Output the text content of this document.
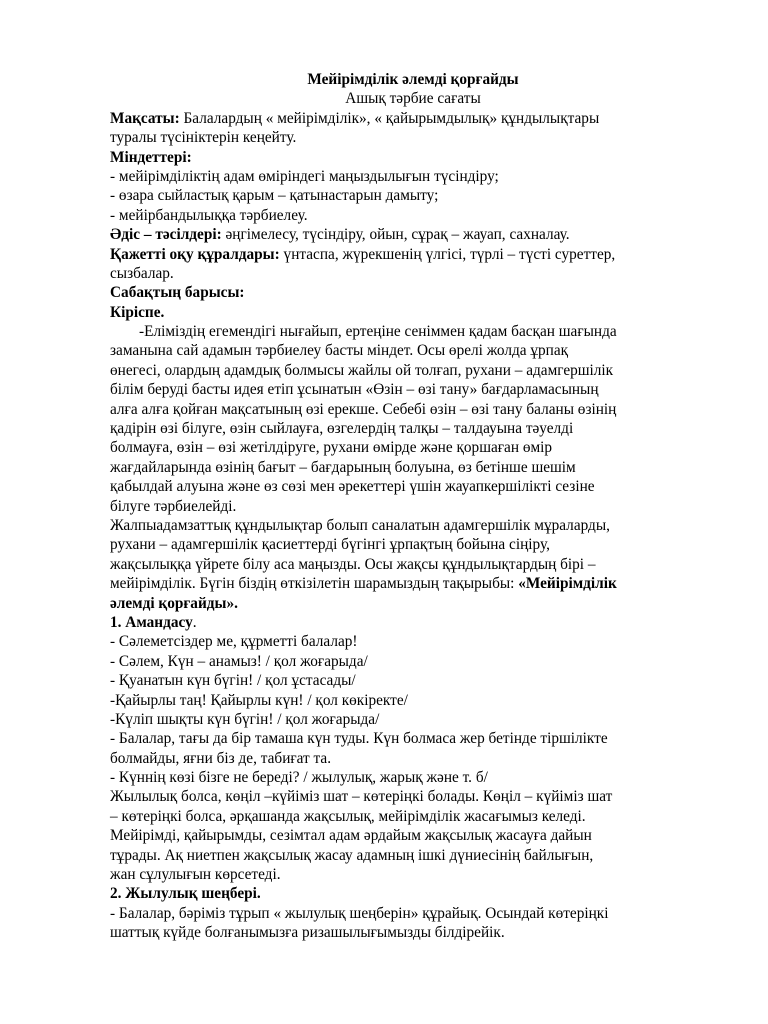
Мейірімділік әлемді қорғайды
Ашық тәрбие сағаты
Мақсаты: Балалардың « мейірімділік», « қайырымдылық» құндылықтары
туралы түсініктерін кеңейту.
Міндеттері:
- мейірімділіктің адам өміріндегі маңыздылығын түсіндіру;
- өзара сыйластық қарым – қатынастарын дамыту;
- мейірбандылыққа тәрбиелеу.
Әдіс – тәсілдері: әңгімелесу, түсіндіру, ойын, сұрақ – жауап, сахналау.
Қажетті оқу құралдары: үнтаспа, жүрекшенің үлгісі, түрлі – түсті суреттер,
сызбалар.
Сабақтың барысы:
Кіріспе.
-Еліміздің егемендігі нығайып, ертеңіне сеніммен қадам басқан шағында
заманына сай адамын тәрбиелеу басты міндет. Осы өрелі жолда ұрпақ
өнегесі, олардың адамдық болмысы жайлы ой толғап, рухани – адамгершілік
білім беруді басты идея етіп ұсынатын «Өзін – өзі тану» бағдарламасының
алға алға қойған мақсатының өзі ерекше. Себебі өзін – өзі тану баланы өзінің
қадірін өзі білуге, өзін сыйлауға, өзгелердің талқы – талдауына тәуелді
болмауға, өзін – өзі жетілдіруге, рухани өмірде және қоршаған өмір
жағдайларында өзінің бағыт – бағдарының болуына, өз бетінше шешім
қабылдай алуына және өз сөзі мен әрекеттері үшін жауапкершілікті сезіне
білуге тәрбиелейді.
Жалпыадамзаттық құндылықтар болып саналатын адамгершілік мұраларды,
рухани – адамгершілік қасиеттерді бүгінгі ұрпақтың бойына сіңіру,
жақсылыққа үйрете білу аса маңызды. Осы жақсы құндылықтардың бірі –
мейірімділік. Бүгін біздің өткізілетін шарамыздың тақырыбы: «Мейірімділік
әлемді қорғайды».
1. Амандасу.
- Сәлеметсіздер ме, құрметті балалар!
- Сәлем, Күн – анамыз! / қол жоғарыда/
- Қуанатын күн бүгін! / қол ұстасады/
-Қайырлы таң! Қайырлы күн! / қол көкіректе/
-Күліп шықты күн бүгін! / қол жоғарыда/
- Балалар, тағы да бір тамаша күн туды. Күн болмаса жер бетінде тіршілікте
болмайды, яғни біз де, табиғат та.
- Күннің көзі бізге не береді? / жылулық, жарық және т. б/
Жылылық болса, көңіл –күйіміз шат – көтеріңкі болады. Көңіл – күйіміз шат
– көтеріңкі болса, әрқашанда жақсылық, мейірімділік жасағымыз келеді.
Мейірімді, қайырымды, сезімтал адам әрдайым жақсылық жасауға дайын
тұрады. Ақ ниетпен жақсылық жасау адамның ішкі дүниесінің байлығын,
жан сұлулығын көрсетеді.
2. Жылулық шеңбері.
- Балалар, бәріміз тұрып « жылулық шеңберін» құрайық. Осындай көтеріңкі
шаттық күйде болғанымызға ризашылығымызды білдірейік.
